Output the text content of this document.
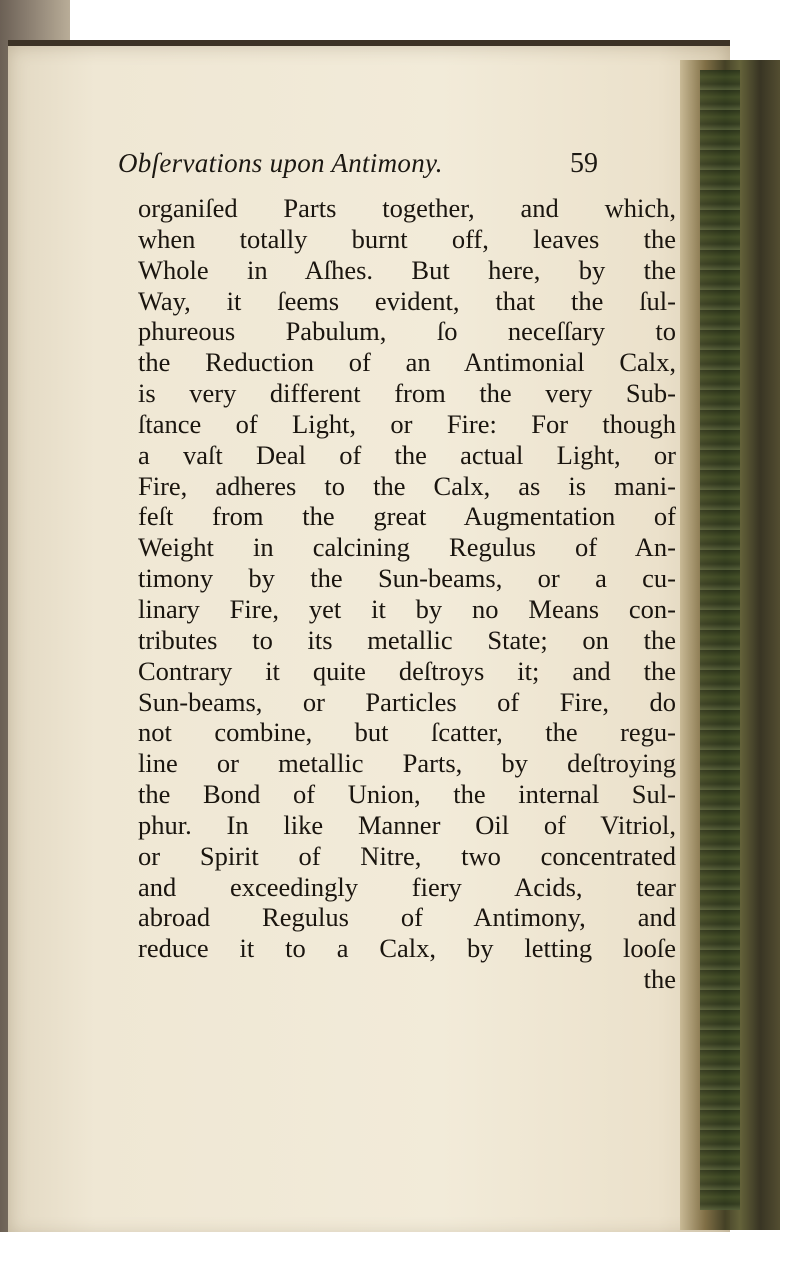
Obſervations upon Antimony.	59
organiſed Parts together, and which,
when totally burnt off, leaves the
Whole in Aſhes. But here, by the
Way, it ſeems evident, that the ſul-
phureous Pabulum, ſo neceſſary to
the Reduction of an Antimonial Calx,
is very different from the very Sub-
ſtance of Light, or Fire: For though
a vaſt Deal of the actual Light, or
Fire, adheres to the Calx, as is mani-
feſt from the great Augmentation of
Weight in calcining Regulus of An-
timony by the Sun-beams, or a cu-
linary Fire, yet it by no Means con-
tributes to its metallic State; on the
Contrary it quite deſtroys it; and the
Sun-beams, or Particles of Fire, do
not combine, but ſcatter, the regu-
line or metallic Parts, by deſtroying
the Bond of Union, the internal Sul-
phur. In like Manner Oil of Vitriol,
or Spirit of Nitre, two concentrated
and exceedingly fiery Acids, tear
abroad Regulus of Antimony, and
reduce it to a Calx, by letting looſe
the
